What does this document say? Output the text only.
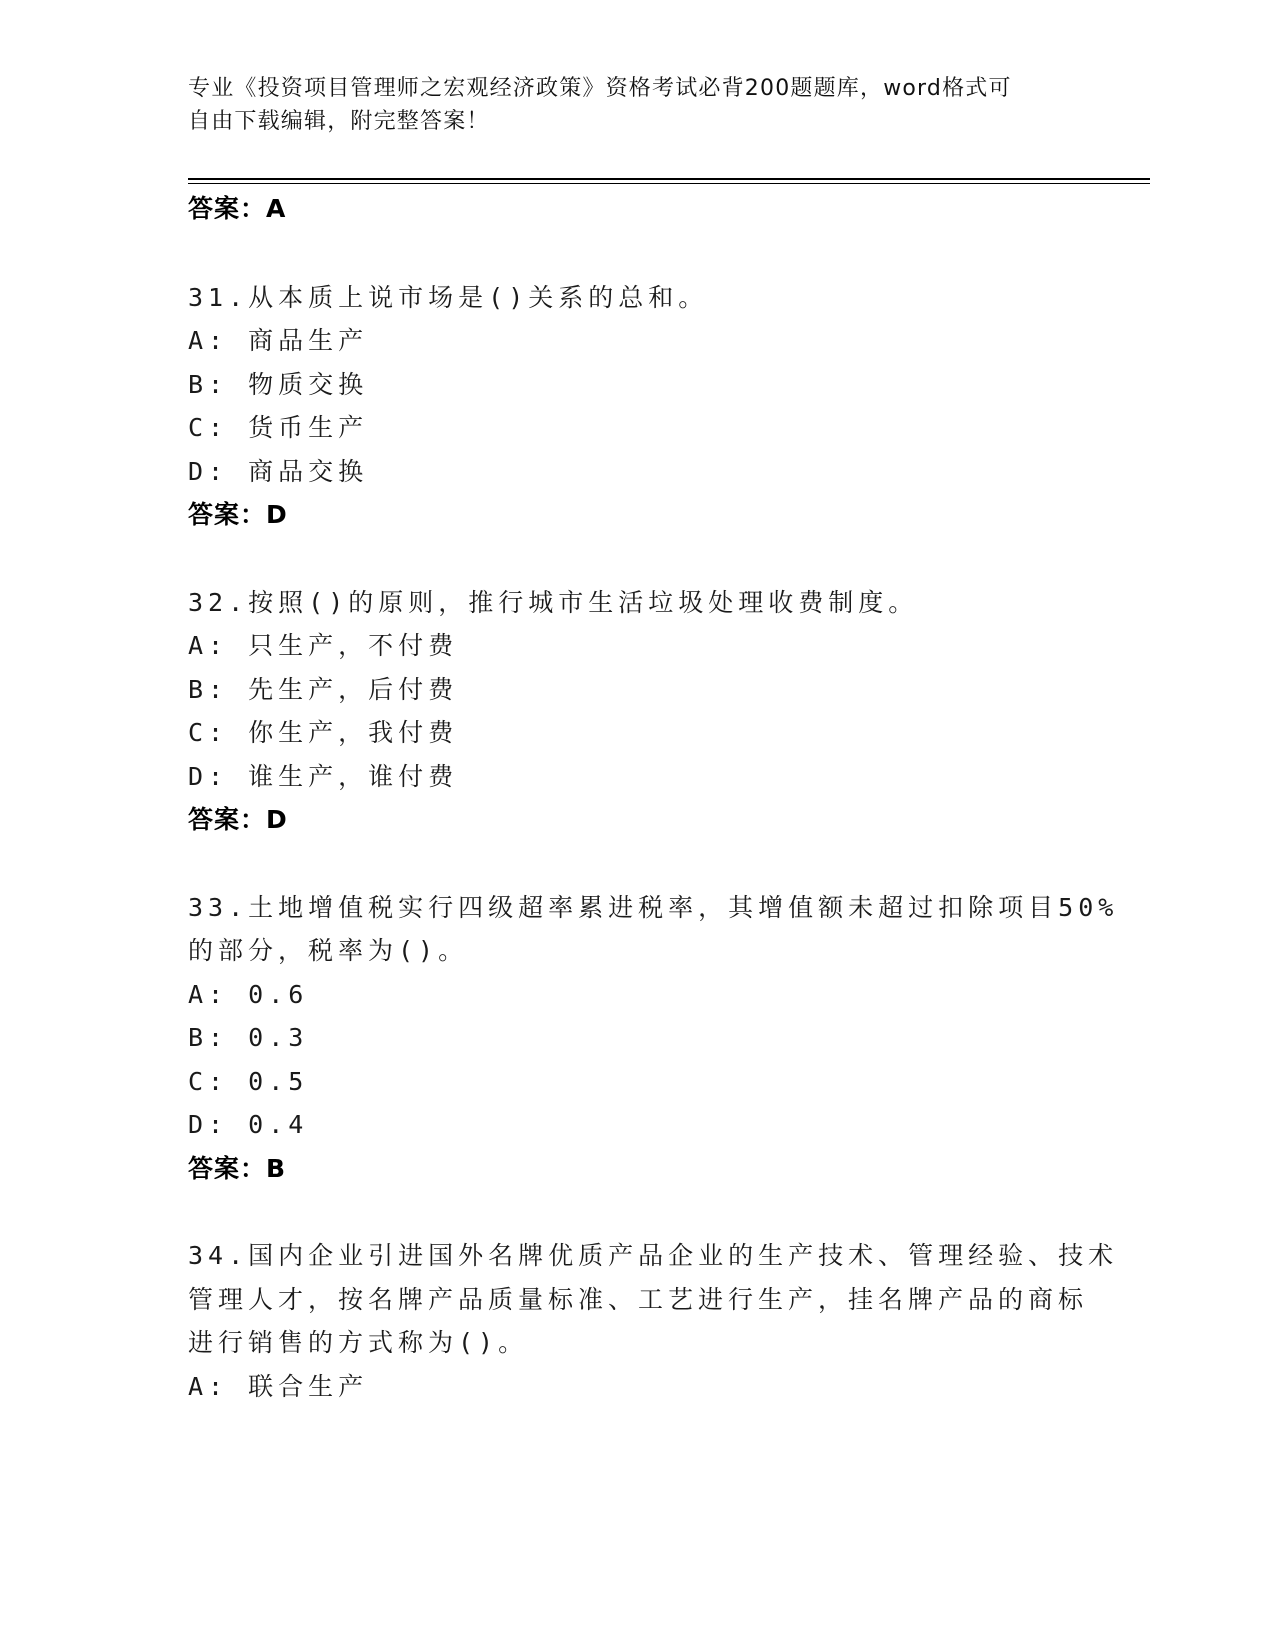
专业《投资项目管理师之宏观经济政策》资格考试必背200题题库，word格式可
自由下载编辑，附完整答案！
答案：A
31.从本质上说市场是()关系的总和。
A: 商品生产
B: 物质交换
C: 货币生产
D: 商品交换
答案：D
32.按照()的原则，推行城市生活垃圾处理收费制度。
A: 只生产，不付费
B: 先生产，后付费
C: 你生产，我付费
D: 谁生产，谁付费
答案：D
33.土地增值税实行四级超率累进税率，其增值额未超过扣除项目50%
的部分，税率为()。
A: 0.6
B: 0.3
C: 0.5
D: 0.4
答案：B
34.国内企业引进国外名牌优质产品企业的生产技术、管理经验、技术
管理人才，按名牌产品质量标准、工艺进行生产，挂名牌产品的商标
进行销售的方式称为()。
A: 联合生产
